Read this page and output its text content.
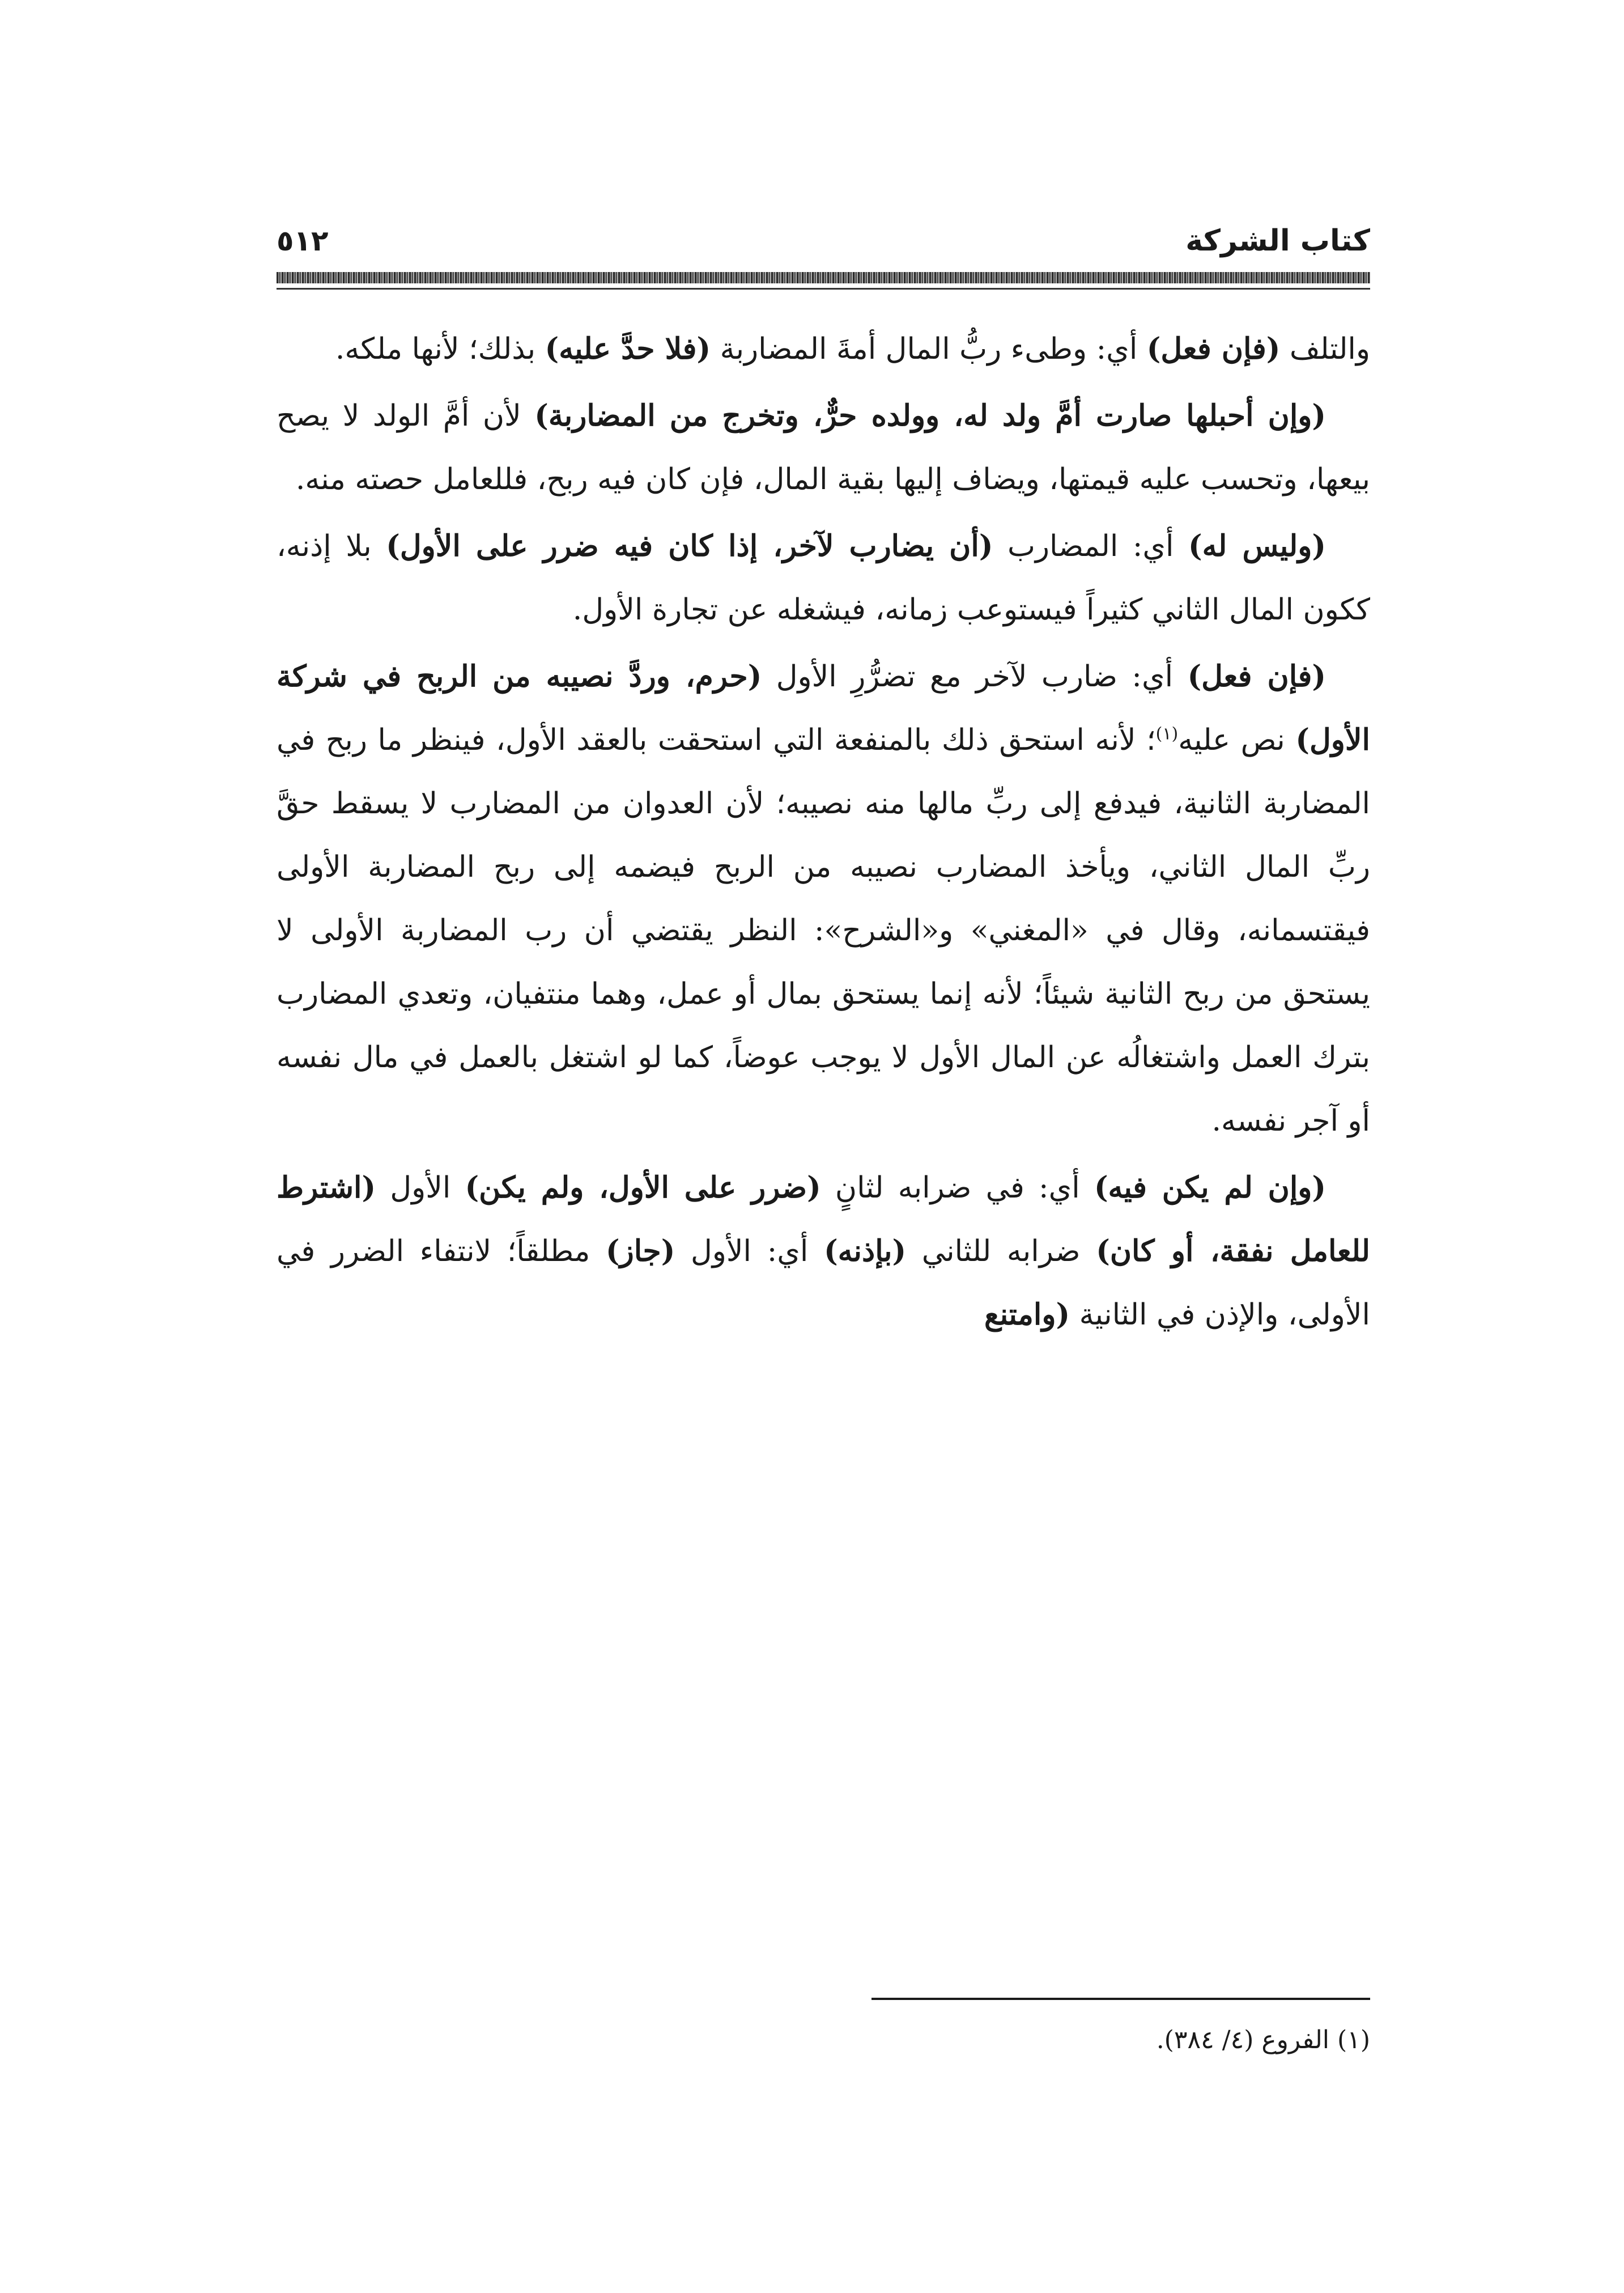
كتاب الشركة
٥١٢

والتلف (فإن فعل) أي: وطىء ربُّ المال أمةَ المضاربة (فلا حدَّ عليه) بذلك؛ لأنها ملكه.

(وإن أحبلها صارت أمَّ ولد له، وولده حرٌّ، وتخرج من المضاربة) لأن أمَّ الولد لا يصح بيعها، وتحسب عليه قيمتها، ويضاف إليها بقية المال، فإن كان فيه ربح، فللعامل حصته منه.

(وليس له) أي: المضارب (أن يضارب لآخر، إذا كان فيه ضرر على الأول) بلا إذنه، ككون المال الثاني كثيراً فيستوعب زمانه، فيشغله عن تجارة الأول.

(فإن فعل) أي: ضارب لآخر مع تضرُّرِ الأول (حرم، وردَّ نصيبه من الربح في شركة الأول) نص عليه$^{(١)}$؛ لأنه استحق ذلك بالمنفعة التي استحقت بالعقد الأول، فينظر ما ربح في المضاربة الثانية، فيدفع إلى ربِّ مالها منه نصيبه؛ لأن العدوان من المضارب لا يسقط حقَّ ربِّ المال الثاني، ويأخذ المضارب نصيبه من الربح فيضمه إلى ربح المضاربة الأولى فيقتسمانه، وقال في «المغني» و«الشرح»: النظر يقتضي أن رب المضاربة الأولى لا يستحق من ربح الثانية شيئاً؛ لأنه إنما يستحق بمال أو عمل، وهما منتفيان، وتعدي المضارب بترك العمل واشتغالُه عن المال الأول لا يوجب عوضاً، كما لو اشتغل بالعمل في مال نفسه أو آجر نفسه.

(وإن لم يكن فيه) أي: في ضرابه لثانٍ (ضرر على الأول، ولم يكن) الأول (اشترط للعامل نفقة، أو كان) ضرابه للثاني (بإذنه) أي: الأول (جاز) مطلقاً؛ لانتفاء الضرر في الأولى، والإذن في الثانية (وامتنع

(١) الفروع (٤/ ٣٨٤).
